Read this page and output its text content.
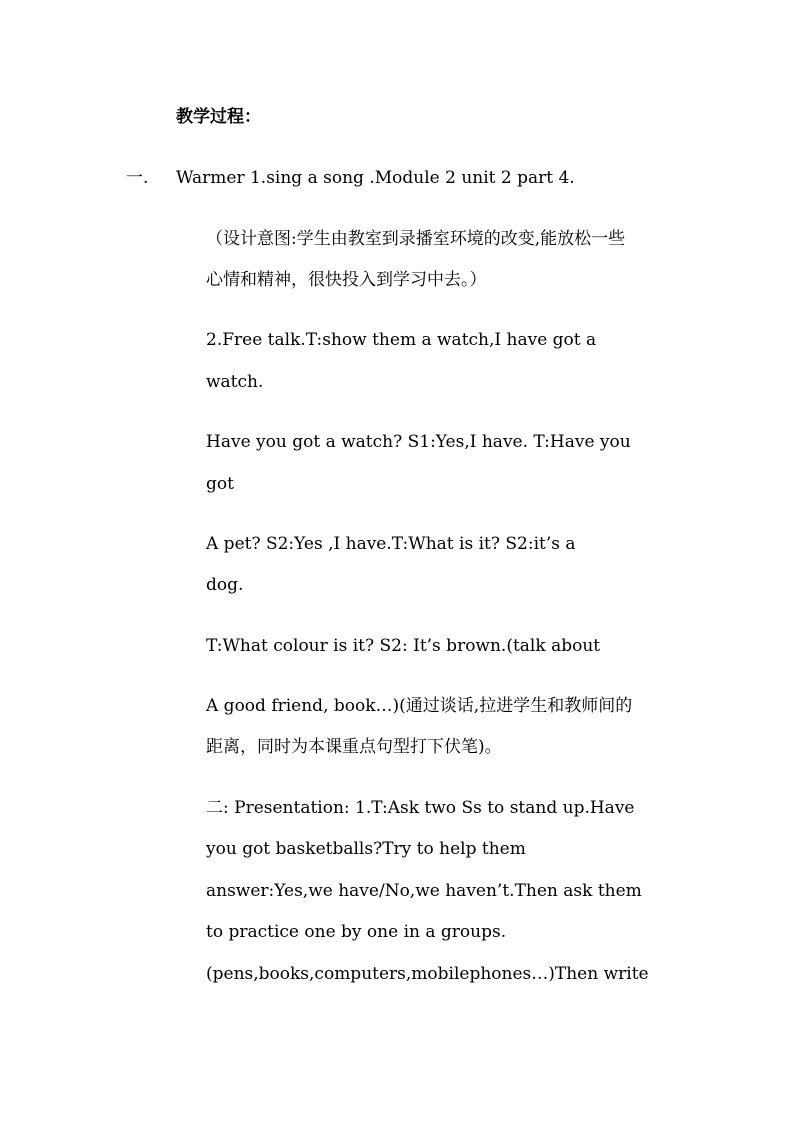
教学过程：
一. Warmer 1.sing a song .Module 2 unit 2 part 4.
（设计意图:学生由教室到录播室环境的改变,能放松一些
心情和精神，很快投入到学习中去。）
2.Free talk.T:show them a watch,I have got a
watch.
Have you got a watch? S1:Yes,I have. T:Have you
got
A pet? S2:Yes ,I have.T:What is it? S2:it’s a
dog.
T:What colour is it? S2: It’s brown.(talk about
A good friend, book…)(通过谈话,拉进学生和教师间的
距离，同时为本课重点句型打下伏笔)。
二: Presentation: 1.T:Ask two Ss to stand up.Have
you got basketballs?Try to help them
answer:Yes,we have/No,we haven’t.Then ask them
to practice one by one in a groups.
(pens,books,computers,mobilephones…)Then write
